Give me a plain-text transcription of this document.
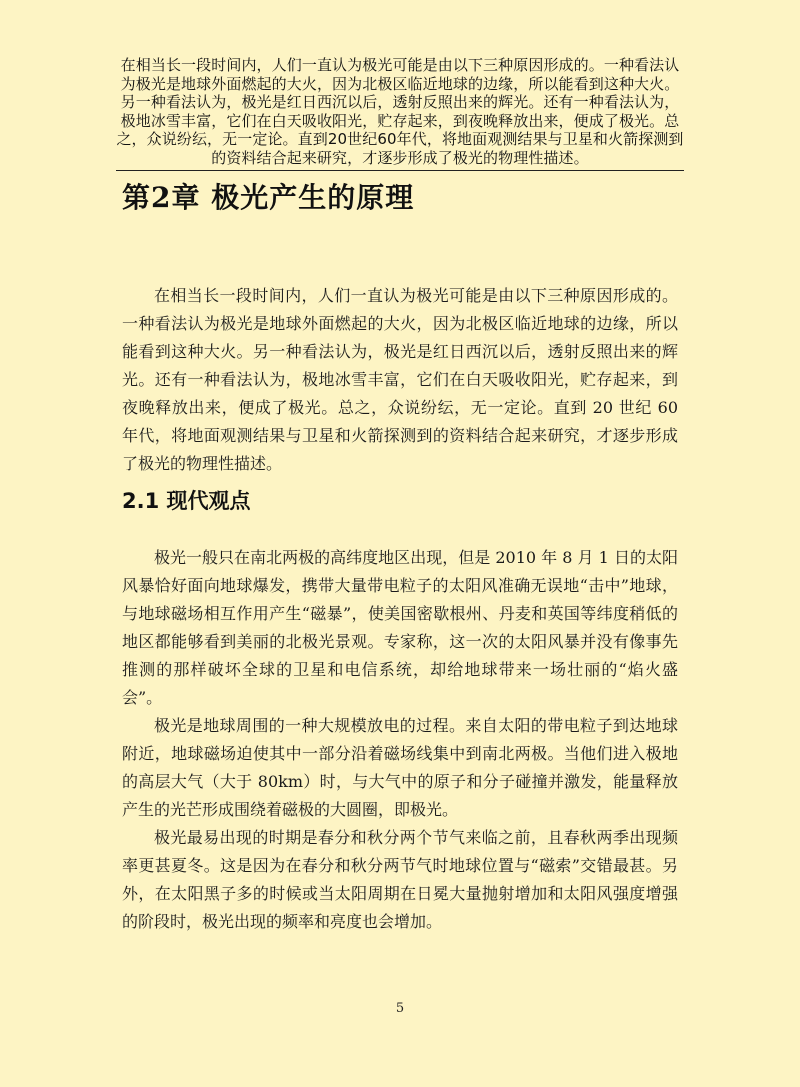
在相当长一段时间内，人们一直认为极光可能是由以下三种原因形成的。一种看法认为极光是地球外面燃起的大火，因为北极区临近地球的边缘，所以能看到这种大火。另一种看法认为，极光是红日西沉以后，透射反照出来的辉光。还有一种看法认为，极地冰雪丰富，它们在白天吸收阳光，贮存起来，到夜晚释放出来，便成了极光。总之，众说纷纭，无一定论。直到20世纪60年代，将地面观测结果与卫星和火箭探测到的资料结合起来研究，才逐步形成了极光的物理性描述。
第2章 极光产生的原理

在相当长一段时间内，人们一直认为极光可能是由以下三种原因形成的。一种看法认为极光是地球外面燃起的大火，因为北极区临近地球的边缘，所以能看到这种大火。另一种看法认为，极光是红日西沉以后，透射反照出来的辉光。还有一种看法认为，极地冰雪丰富，它们在白天吸收阳光，贮存起来，到夜晚释放出来，便成了极光。总之，众说纷纭，无一定论。直到 20 世纪 60 年代，将地面观测结果与卫星和火箭探测到的资料结合起来研究，才逐步形成了极光的物理性描述。

2.1 现代观点

极光一般只在南北两极的高纬度地区出现，但是 2010 年 8 月 1 日的太阳风暴恰好面向地球爆发，携带大量带电粒子的太阳风准确无误地“击中”地球，与地球磁场相互作用产生“磁暴”，使美国密歇根州、丹麦和英国等纬度稍低的地区都能够看到美丽的北极光景观。专家称，这一次的太阳风暴并没有像事先推测的那样破坏全球的卫星和电信系统，却给地球带来一场壮丽的“焰火盛会”。

极光是地球周围的一种大规模放电的过程。来自太阳的带电粒子到达地球附近，地球磁场迫使其中一部分沿着磁场线集中到南北两极。当他们进入极地的高层大气（大于 80km）时，与大气中的原子和分子碰撞并激发，能量释放产生的光芒形成围绕着磁极的大圆圈，即极光。

极光最易出现的时期是春分和秋分两个节气来临之前，且春秋两季出现频率更甚夏冬。这是因为在春分和秋分两节气时地球位置与“磁索”交错最甚。另外，在太阳黑子多的时候或当太阳周期在日冕大量抛射增加和太阳风强度增强的阶段时，极光出现的频率和亮度也会增加。

5
